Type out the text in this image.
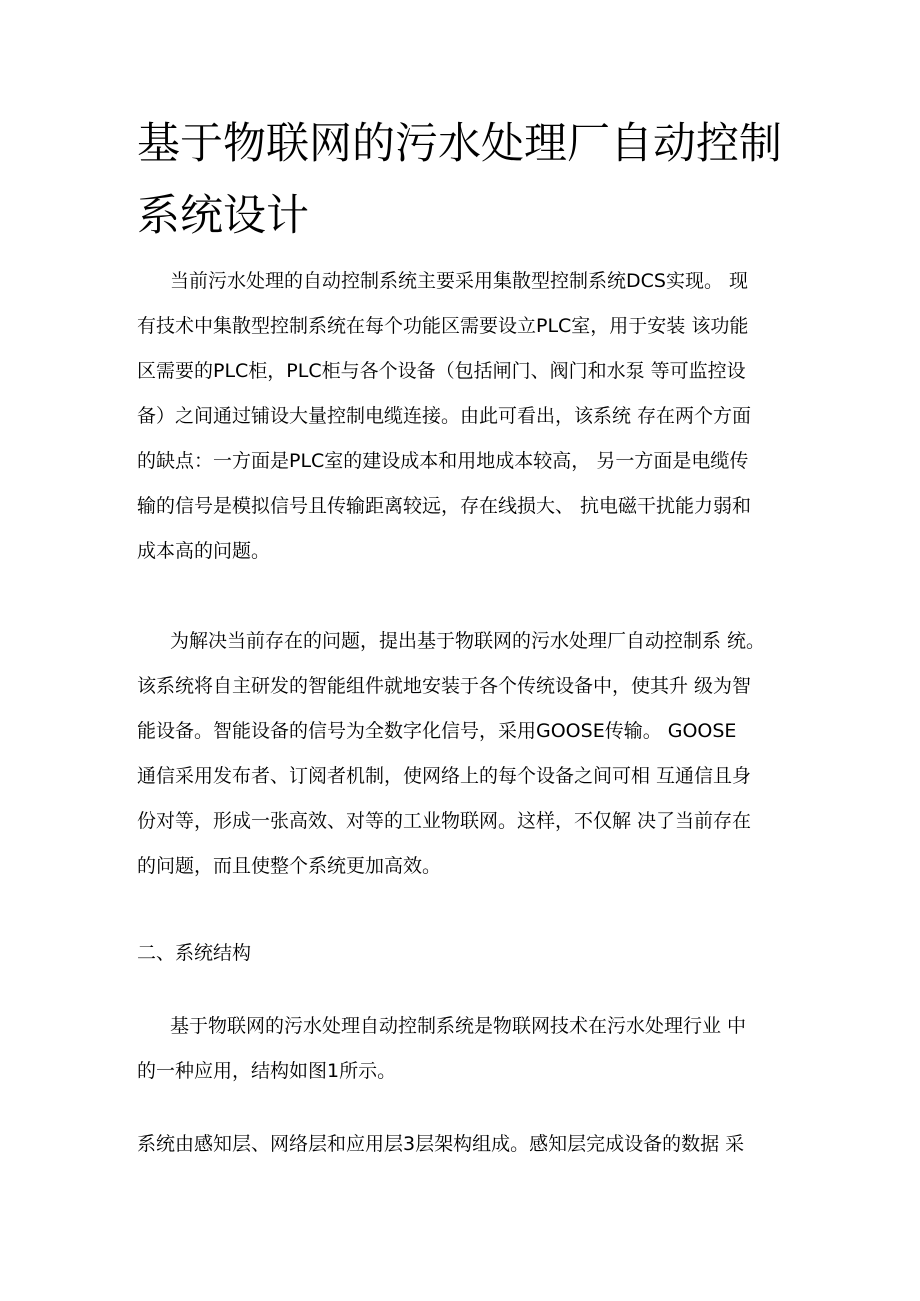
基于物联网的污水处理厂自动控制
系统设计
当前污水处理的自动控制系统主要采用集散型控制系统DCS实现。 现
有技术中集散型控制系统在每个功能区需要设立PLC室，用于安装 该功能
区需要的PLC柜，PLC柜与各个设备（包括闸门、阀门和水泵 等可监控设
备）之间通过铺设大量控制电缆连接。由此可看出，该系统 存在两个方面
的缺点：一方面是PLC室的建设成本和用地成本较高， 另一方面是电缆传
输的信号是模拟信号且传输距离较远，存在线损大、 抗电磁干扰能力弱和
成本高的问题。
为解决当前存在的问题，提出基于物联网的污水处理厂自动控制系 统。
该系统将自主研发的智能组件就地安装于各个传统设备中，使其升 级为智
能设备。智能设备的信号为全数字化信号，采用GOOSE传输。 GOOSE
通信采用发布者、订阅者机制，使网络上的每个设备之间可相 互通信且身
份对等，形成一张高效、对等的工业物联网。这样，不仅解 决了当前存在
的问题，而且使整个系统更加高效。
二、系统结构
基于物联网的污水处理自动控制系统是物联网技术在污水处理行业 中
的一种应用，结构如图1所示。
系统由感知层、网络层和应用层3层架构组成。感知层完成设备的数据 采
